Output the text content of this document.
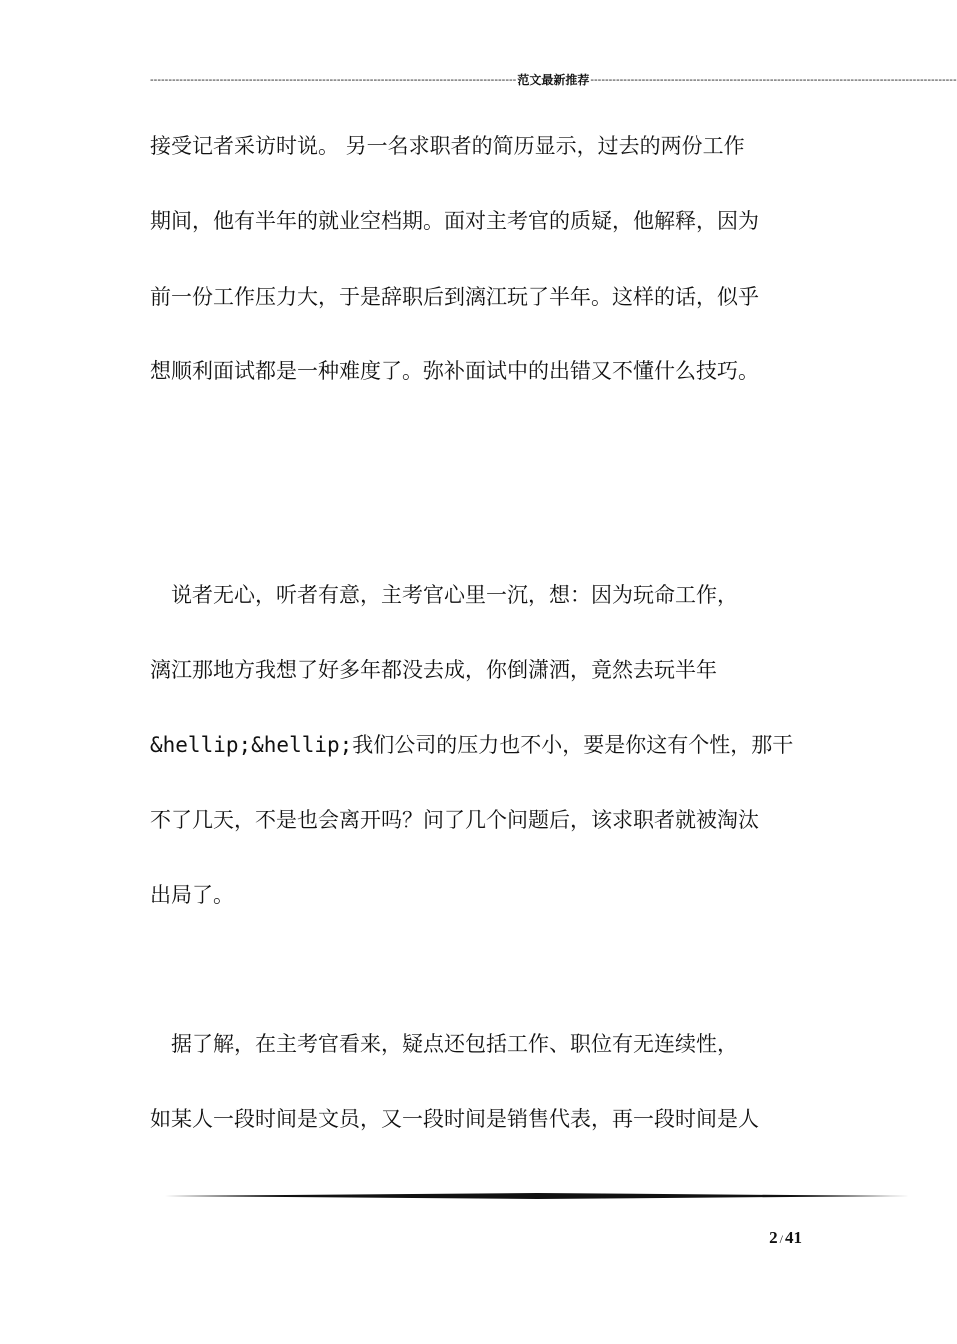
---------------------------------------------------------------------------------------------------- 范文最新推荐 ----------------------------------------------------------------------------------------------------
接受记者采访时说。 另一名求职者的简历显示，过去的两份工作
期间，他有半年的就业空档期。面对主考官的质疑，他解释，因为
前一份工作压力大，于是辞职后到漓江玩了半年。这样的话，似乎
想顺利面试都是一种难度了。弥补面试中的出错又不懂什么技巧。
　说者无心，听者有意，主考官心里一沉，想：因为玩命工作，
漓江那地方我想了好多年都没去成，你倒潇洒，竟然去玩半年
&hellip;&hellip;我们公司的压力也不小，要是你这有个性，那干
不了几天，不是也会离开吗？问了几个问题后，该求职者就被淘汰
出局了。
　据了解，在主考官看来，疑点还包括工作、职位有无连续性，
如某人一段时间是文员，又一段时间是销售代表，再一段时间是人
2 / 41
